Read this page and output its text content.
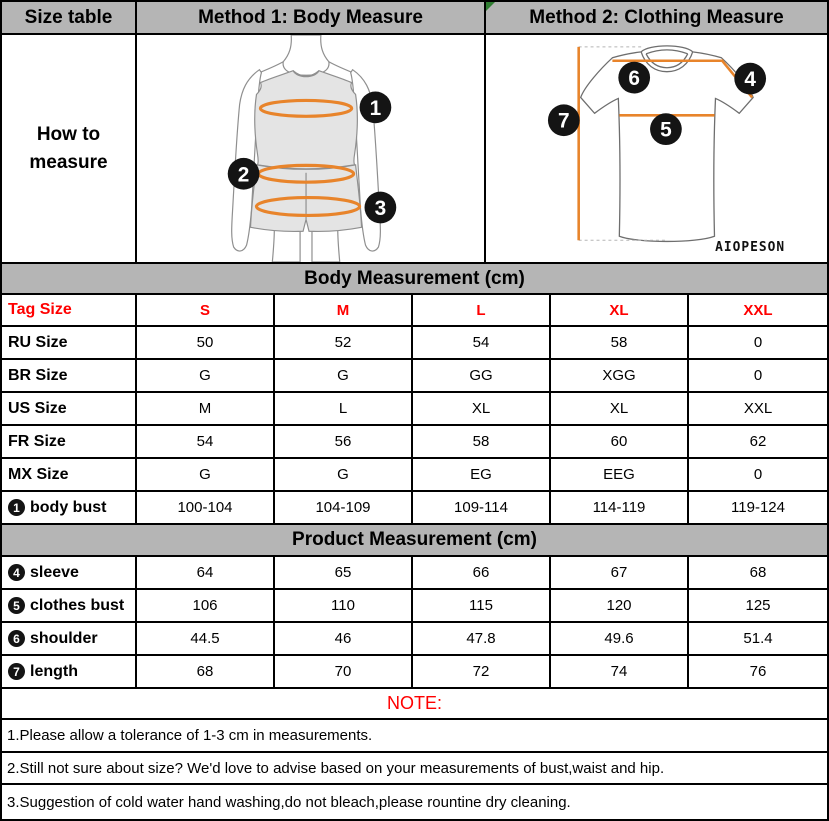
Size table	Method 1: Body Measure	Method 2: Clothing Measure
How to measure
1
2
3
6	4
7	5
AIOPESON
Body Measurement (cm)
Tag Size	S	M	L	XL	XXL
RU Size	50	52	54	58	0
BR Size	G	G	GG	XGG	0
US Size	M	L	XL	XL	XXL
FR Size	54	56	58	60	62
MX Size	G	G	EG	EEG	0
1 body bust	100-104	104-109	109-114	114-119	119-124
Product Measurement (cm)
4 sleeve	64	65	66	67	68
5 clothes bust	106	110	115	120	125
6 shoulder	44.5	46	47.8	49.6	51.4
7 length	68	70	72	74	76
NOTE:
1.Please allow a tolerance of 1-3 cm in measurements.
2.Still not sure about size? We'd love to advise based on your measurements of bust,waist and hip.
3.Suggestion of cold water hand washing,do not bleach,please rountine dry cleaning.
